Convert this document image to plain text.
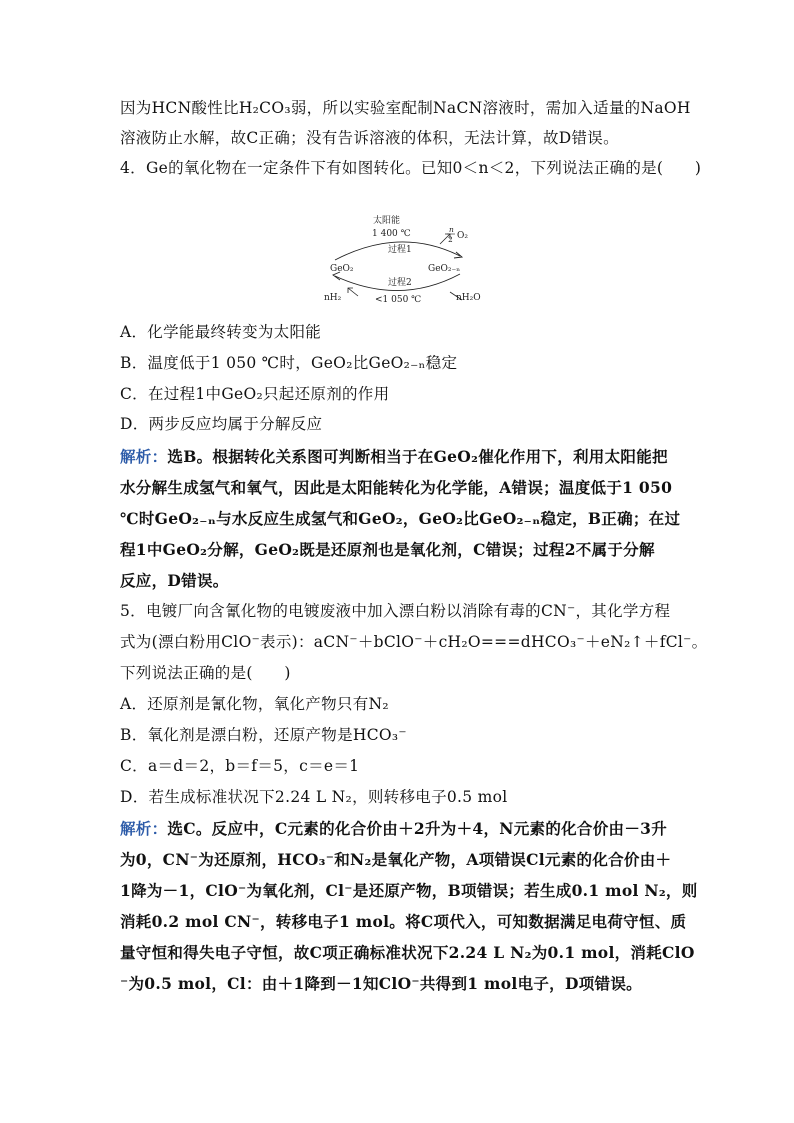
因为HCN酸性比H₂CO₃弱，所以实验室配制NaCN溶液时，需加入适量的NaOH
溶液防止水解，故C正确；没有告诉溶液的体积，无法计算，故D错误。
4．Ge的氧化物在一定条件下有如图转化。已知0＜n＜2，下列说法正确的是(　　)
太阳能
1 400 ℃
过程1
过程2
<1 050 ℃
GeO₂	GeO₂₋ₙ
n
2 O₂
nH₂	nH₂O
A．化学能最终转变为太阳能
B．温度低于1 050 ℃时，GeO₂比GeO₂₋ₙ稳定
C．在过程1中GeO₂只起还原剂的作用
D．两步反应均属于分解反应
解析：选B。根据转化关系图可判断相当于在GeO₂催化作用下，利用太阳能把
水分解生成氢气和氧气，因此是太阳能转化为化学能，A错误；温度低于1 050
℃时GeO₂₋ₙ与水反应生成氢气和GeO₂，GeO₂比GeO₂₋ₙ稳定，B正确；在过
程1中GeO₂分解，GeO₂既是还原剂也是氧化剂，C错误；过程2不属于分解
反应，D错误。
5．电镀厂向含氰化物的电镀废液中加入漂白粉以消除有毒的CN⁻，其化学方程
式为(漂白粉用ClO⁻表示)：aCN⁻＋bClO⁻＋cH₂O===dHCO₃⁻＋eN₂↑＋fCl⁻。
下列说法正确的是(　　)
A．还原剂是氰化物，氧化产物只有N₂
B．氧化剂是漂白粉，还原产物是HCO₃⁻
C．a＝d＝2，b＝f＝5，c＝e＝1
D．若生成标准状况下2.24 L N₂，则转移电子0.5 mol
解析：选C。反应中，C元素的化合价由＋2升为＋4，N元素的化合价由－3升
为0，CN⁻为还原剂，HCO₃⁻和N₂是氧化产物，A项错误Cl元素的化合价由＋
1降为－1，ClO⁻为氧化剂，Cl⁻是还原产物，B项错误；若生成0.1 mol N₂，则
消耗0.2 mol CN⁻，转移电子1 mol。将C项代入，可知数据满足电荷守恒、质
量守恒和得失电子守恒，故C项正确标准状况下2.24 L N₂为0.1 mol，消耗ClO
⁻为0.5 mol，Cl：由＋1降到－1知ClO⁻共得到1 mol电子，D项错误。
